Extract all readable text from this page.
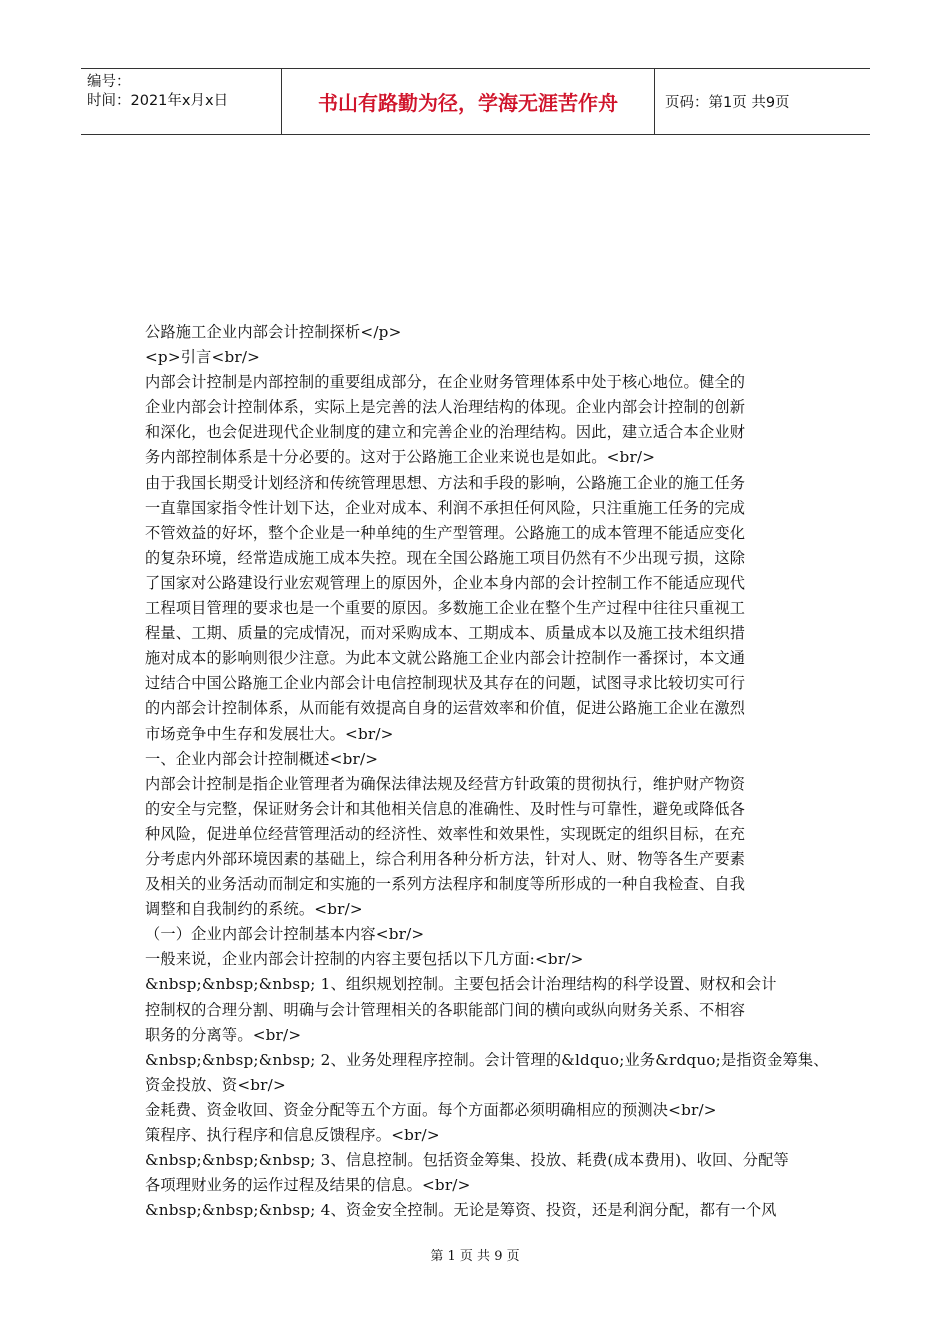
编号：
时间：2021年x月x日	书山有路勤为径，学海无涯苦作舟	页码：第1页 共9页

公路施工企业内部会计控制探析</p>

<p>引言<br/>

内部会计控制是内部控制的重要组成部分，在企业财务管理体系中处于核心地位。健全的

企业内部会计控制体系，实际上是完善的法人治理结构的体现。企业内部会计控制的创新

和深化，也会促进现代企业制度的建立和完善企业的治理结构。因此，建立适合本企业财

务内部控制体系是十分必要的。这对于公路施工企业来说也是如此。<br/>

由于我国长期受计划经济和传统管理思想、方法和手段的影响，公路施工企业的施工任务

一直靠国家指令性计划下达，企业对成本、利润不承担任何风险，只注重施工任务的完成

不管效益的好坏，整个企业是一种单纯的生产型管理。公路施工的成本管理不能适应变化

的复杂环境，经常造成施工成本失控。现在全国公路施工项目仍然有不少出现亏损，这除

了国家对公路建设行业宏观管理上的原因外，企业本身内部的会计控制工作不能适应现代

工程项目管理的要求也是一个重要的原因。多数施工企业在整个生产过程中往往只重视工

程量、工期、质量的完成情况，而对采购成本、工期成本、质量成本以及施工技术组织措

施对成本的影响则很少注意。为此本文就公路施工企业内部会计控制作一番探讨，本文通

过结合中国公路施工企业内部会计电信控制现状及其存在的问题，试图寻求比较切实可行

的内部会计控制体系，从而能有效提高自身的运营效率和价值，促进公路施工企业在激烈

市场竞争中生存和发展壮大。<br/>

一、企业内部会计控制概述<br/>

内部会计控制是指企业管理者为确保法律法规及经营方针政策的贯彻执行，维护财产物资

的安全与完整，保证财务会计和其他相关信息的准确性、及时性与可靠性，避免或降低各

种风险，促进单位经营管理活动的经济性、效率性和效果性，实现既定的组织目标，在充

分考虑内外部环境因素的基础上，综合利用各种分析方法，针对人、财、物等各生产要素

及相关的业务活动而制定和实施的一系列方法程序和制度等所形成的一种自我检查、自我

调整和自我制约的系统。<br/>

（一）企业内部会计控制基本内容<br/>

一般来说，企业内部会计控制的内容主要包括以下几方面:<br/>

&nbsp;&nbsp;&nbsp; 1、组织规划控制。主要包括会计治理结构的科学设置、财权和会计

控制权的合理分割、明确与会计管理相关的各职能部门间的横向或纵向财务关系、不相容

职务的分离等。<br/>

&nbsp;&nbsp;&nbsp; 2、业务处理程序控制。会计管理的&ldquo;业务&rdquo;是指资金筹集、

资金投放、资<br/>

金耗费、资金收回、资金分配等五个方面。每个方面都必须明确相应的预测决<br/>

策程序、执行程序和信息反馈程序。<br/>

&nbsp;&nbsp;&nbsp; 3、信息控制。包括资金筹集、投放、耗费(成本费用)、收回、分配等

各项理财业务的运作过程及结果的信息。<br/>

&nbsp;&nbsp;&nbsp; 4、资金安全控制。无论是筹资、投资，还是利润分配，都有一个风

第 1 页 共 9 页
